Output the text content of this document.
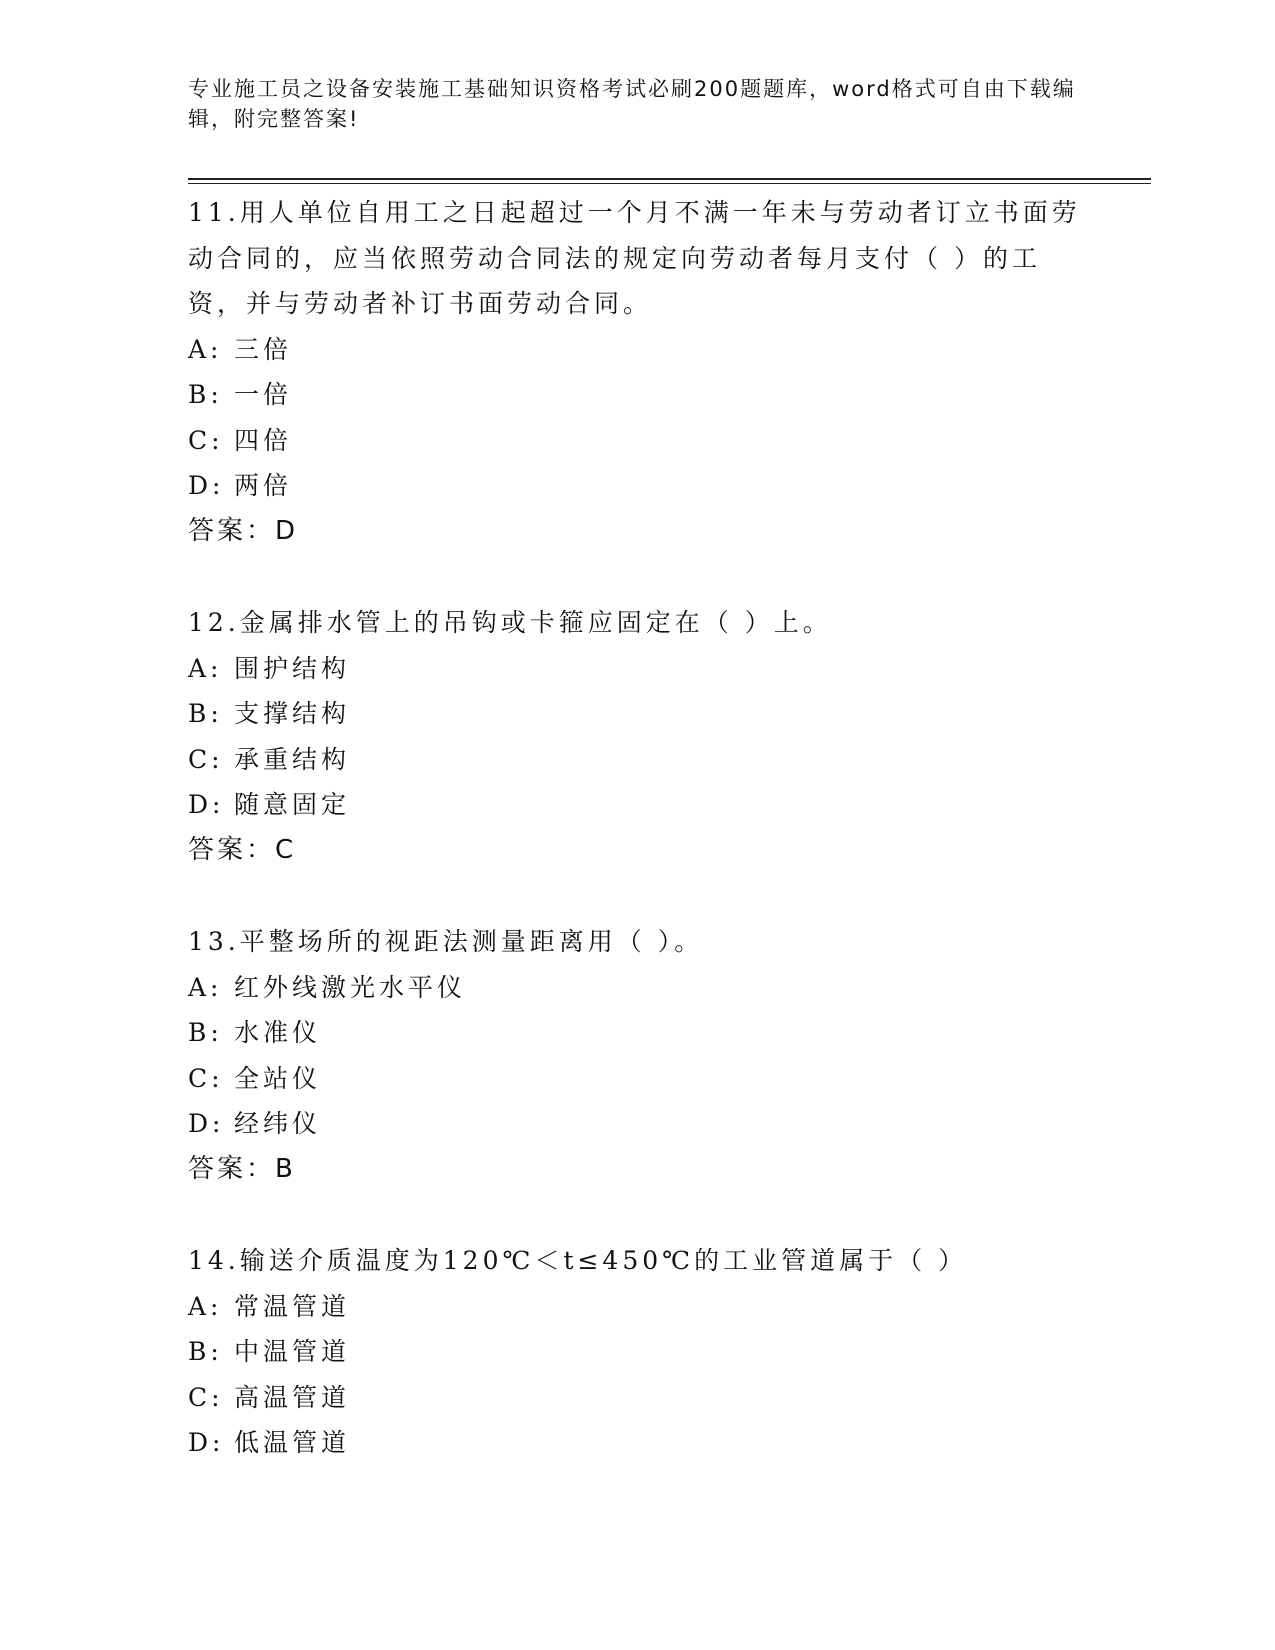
专业施工员之设备安装施工基础知识资格考试必刷200题题库，word格式可自由下载编辑，附完整答案!

11.用人单位自用工之日起超过一个月不满一年未与劳动者订立书面劳动合同的，应当依照劳动合同法的规定向劳动者每月支付（ ）的工资，并与劳动者补订书面劳动合同。

A: 三倍

B: 一倍

C: 四倍

D: 两倍

答案：D

12.金属排水管上的吊钩或卡箍应固定在（ ）上。

A: 围护结构

B: 支撑结构

C: 承重结构

D: 随意固定

答案：C

13.平整场所的视距法测量距离用（ ）。

A: 红外线激光水平仪

B: 水准仪

C: 全站仪

D: 经纬仪

答案：B

14.输送介质温度为120℃＜t≤450℃的工业管道属于（ ）

A: 常温管道

B: 中温管道

C: 高温管道

D: 低温管道
